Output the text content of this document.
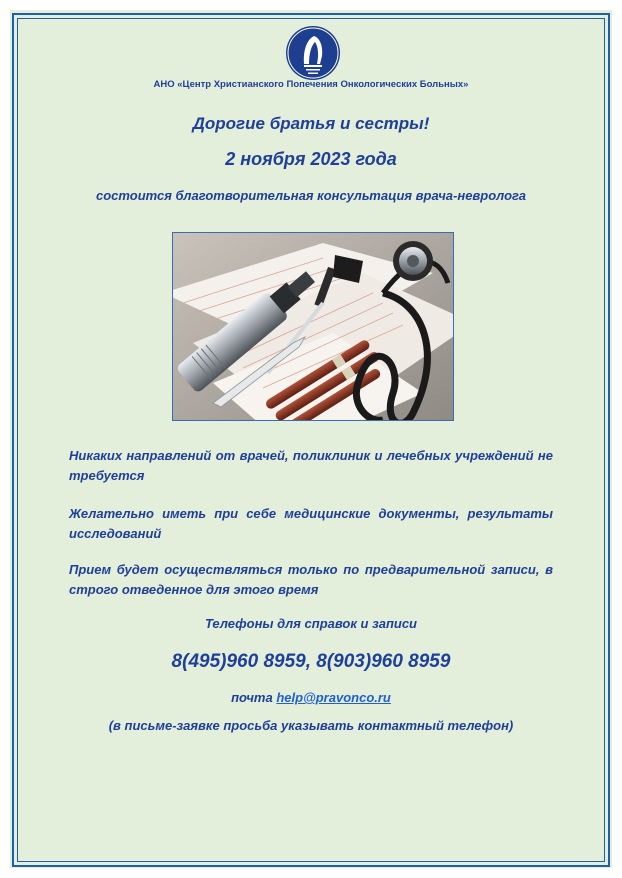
АНО «Центр Христианского Попечения Онкологических Больных»
Дорогие братья и сестры!
2 ноября 2023 года
состоится благотворительная консультация врача-невролога
Никаких направлений от врачей, поликлиник и лечебных учреждений не требуется
Желательно иметь при себе медицинские документы, результаты исследований
Прием будет осуществляться только по предварительной записи, в строго отведенное для этого время
Телефоны для справок и записи
8(495)960 8959, 8(903)960 8959
почта help@pravonco.ru
(в письме-заявке просьба указывать контактный телефон)
